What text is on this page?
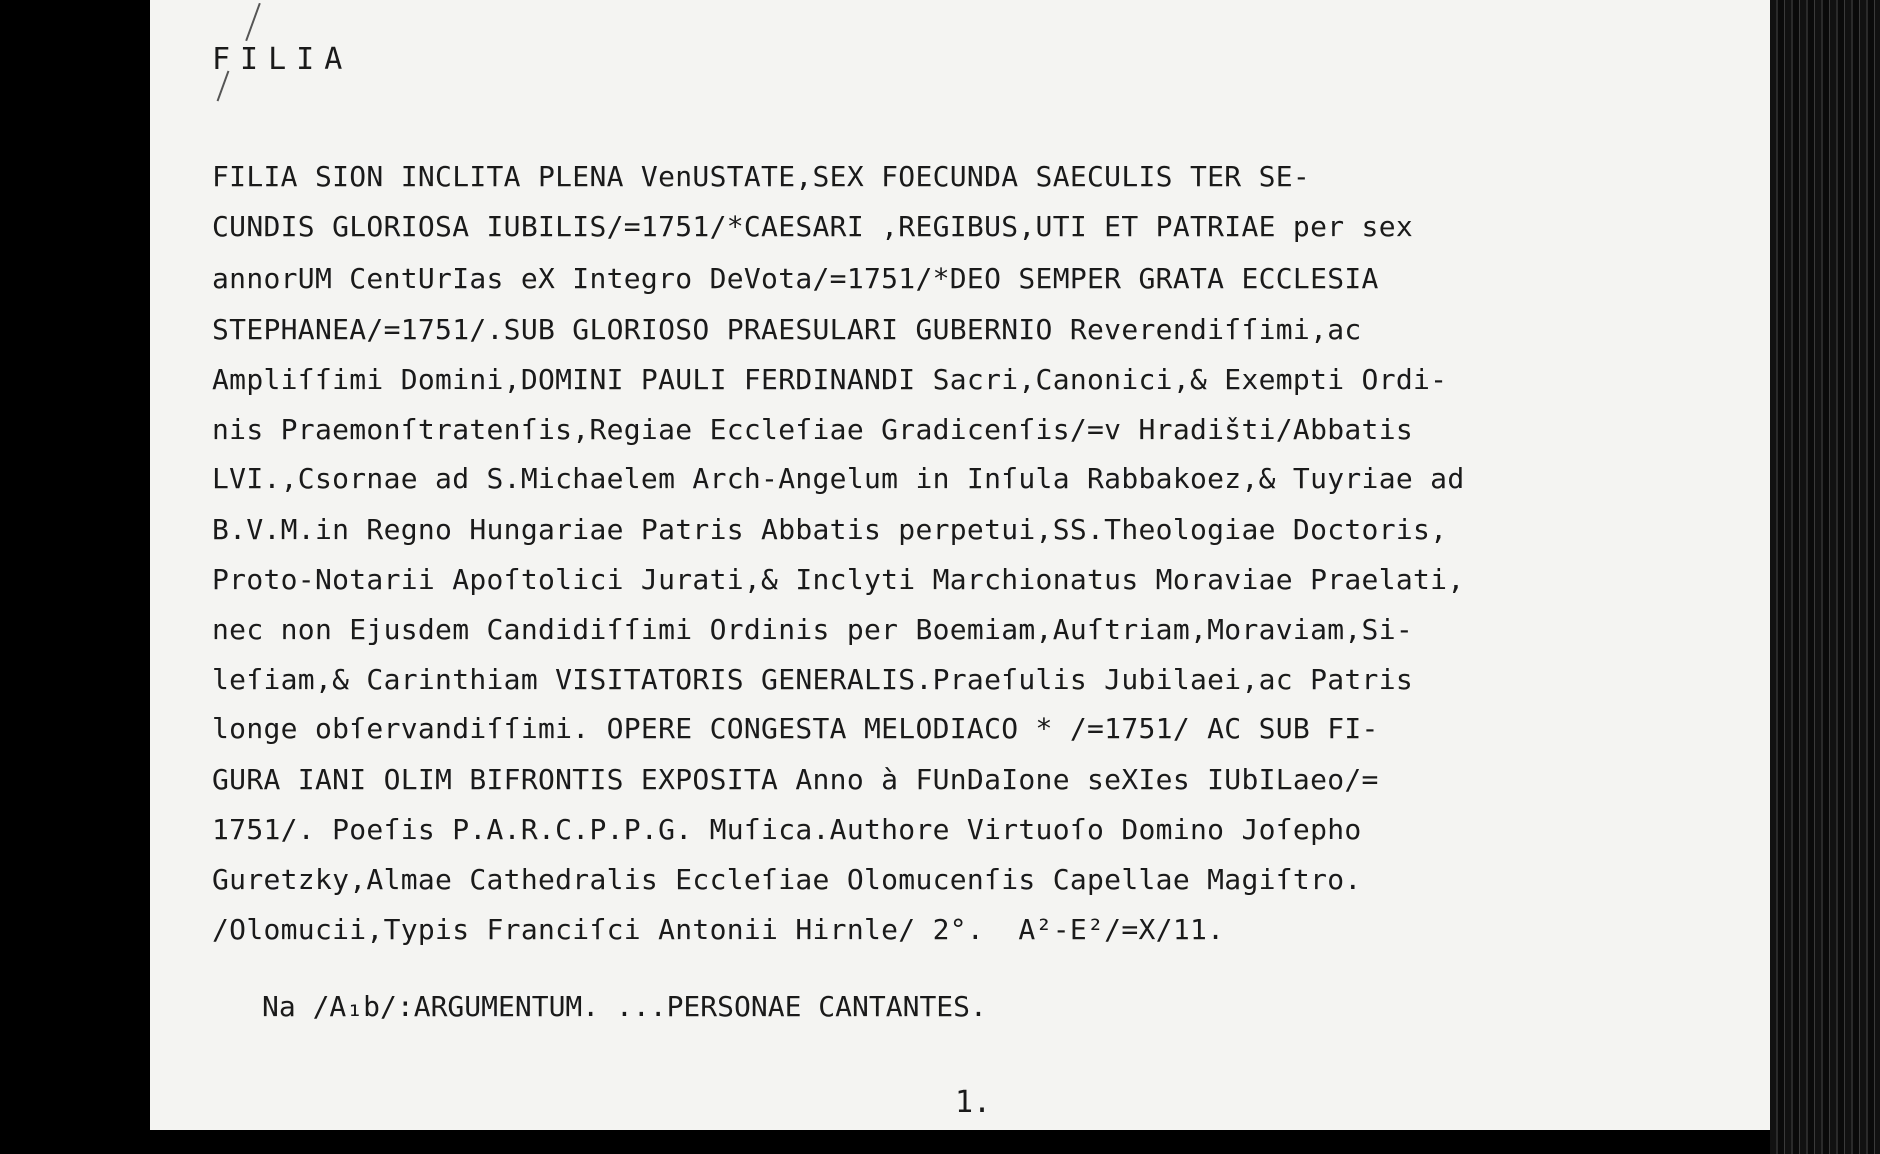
FILIA
FILIA SION INCLITA PLENA VenUSTATE,SEX FOECUNDA SAECULIS TER SE-
CUNDIS GLORIOSA IUBILIS/=1751/*CAESARI ,REGIBUS,UTI ET PATRIAE per sex
annorUM CentUrIas eX Integro DeVota/=1751/*DEO SEMPER GRATA ECCLESIA
STEPHANEA/=1751/.SUB GLORIOSO PRAESULARI GUBERNIO Reverendiſſimi,ac
Ampliſſimi Domini,DOMINI PAULI FERDINANDI Sacri,Canonici,& Exempti Ordi-
nis Praemonſtratenſis,Regiae Eccleſiae Gradicenſis/=v Hradišti/Abbatis
LVI.,Csornae ad S.Michaelem Arch-Angelum in Inſula Rabbakoez,& Tuyriae ad
B.V.M.in Regno Hungariae Patris Abbatis perpetui,SS.Theologiae Doctoris,
Proto-Notarii Apoſtolici Jurati,& Inclyti Marchionatus Moraviae Praelati,
nec non Ejusdem Candidiſſimi Ordinis per Boemiam,Auſtriam,Moraviam,Si-
leſiam,& Carinthiam VISITATORIS GENERALIS.Praeſulis Jubilaei,ac Patris
longe obſervandiſſimi. OPERE CONGESTA MELODIACO * /=1751/ AC SUB FI-
GURA IANI OLIM BIFRONTIS EXPOSITA Anno à FUnDaIone seXIes IUbILaeo/=
1751/. Poeſis P.A.R.C.P.P.G. Muſica.Authore Virtuoſo Domino Joſepho
Guretzky,Almae Cathedralis Eccleſiae Olomucenſis Capellae Magiſtro.
/Olomucii,Typis Franciſci Antonii Hirnle/ 2°.  A²-E²/=X/11.
Na /A₁b/:ARGUMENTUM. ...PERSONAE CANTANTES.
1.
